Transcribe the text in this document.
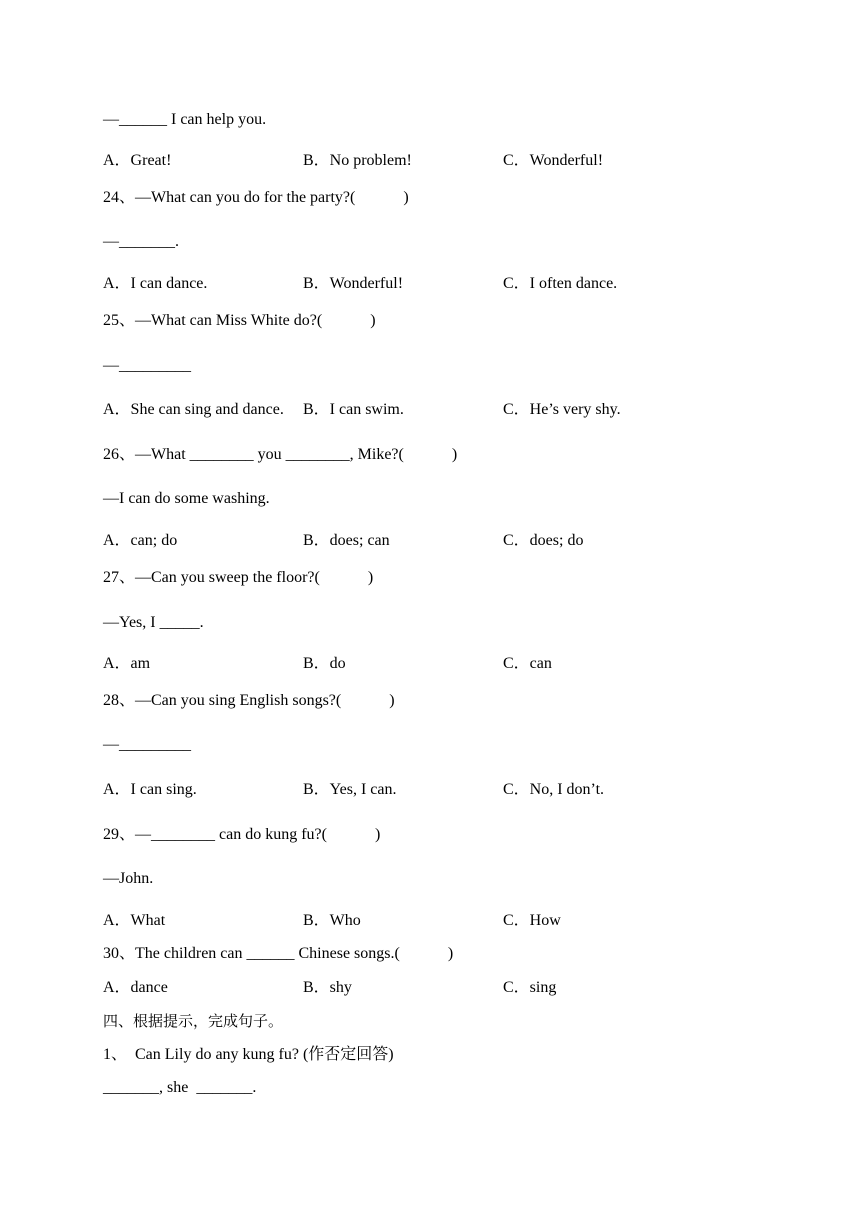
—______ I can help you.
A．Great!	B．No problem!	C．Wonderful!
24、—What can you do for the party?(　　　)
—_______.
A．I can dance.	B．Wonderful!	C．I often dance.
25、—What can Miss White do?(　　　)
—_________
A．She can sing and dance. B．I can swim.	C．He’s very shy.
26、—What ________ you ________, Mike?(　　　)
—I can do some washing.
A．can; do	B．does; can	C．does; do
27、—Can you sweep the floor?(　　　)
—Yes, I _____.
A．am	B．do	C．can
28、—Can you sing English songs?(　　　)
—_________
A．I can sing.	B．Yes, I can.	C．No, I don’t.
29、—________ can do kung fu?(　　　)
—John.
A．What	B．Who	C．How
30、The children can ______ Chinese songs.(　　　)
A．dance	B．shy	C．sing
四、根据提示，完成句子。
1、　Can Lily do any kung fu? (作否定回答)
_______, she  _______.
